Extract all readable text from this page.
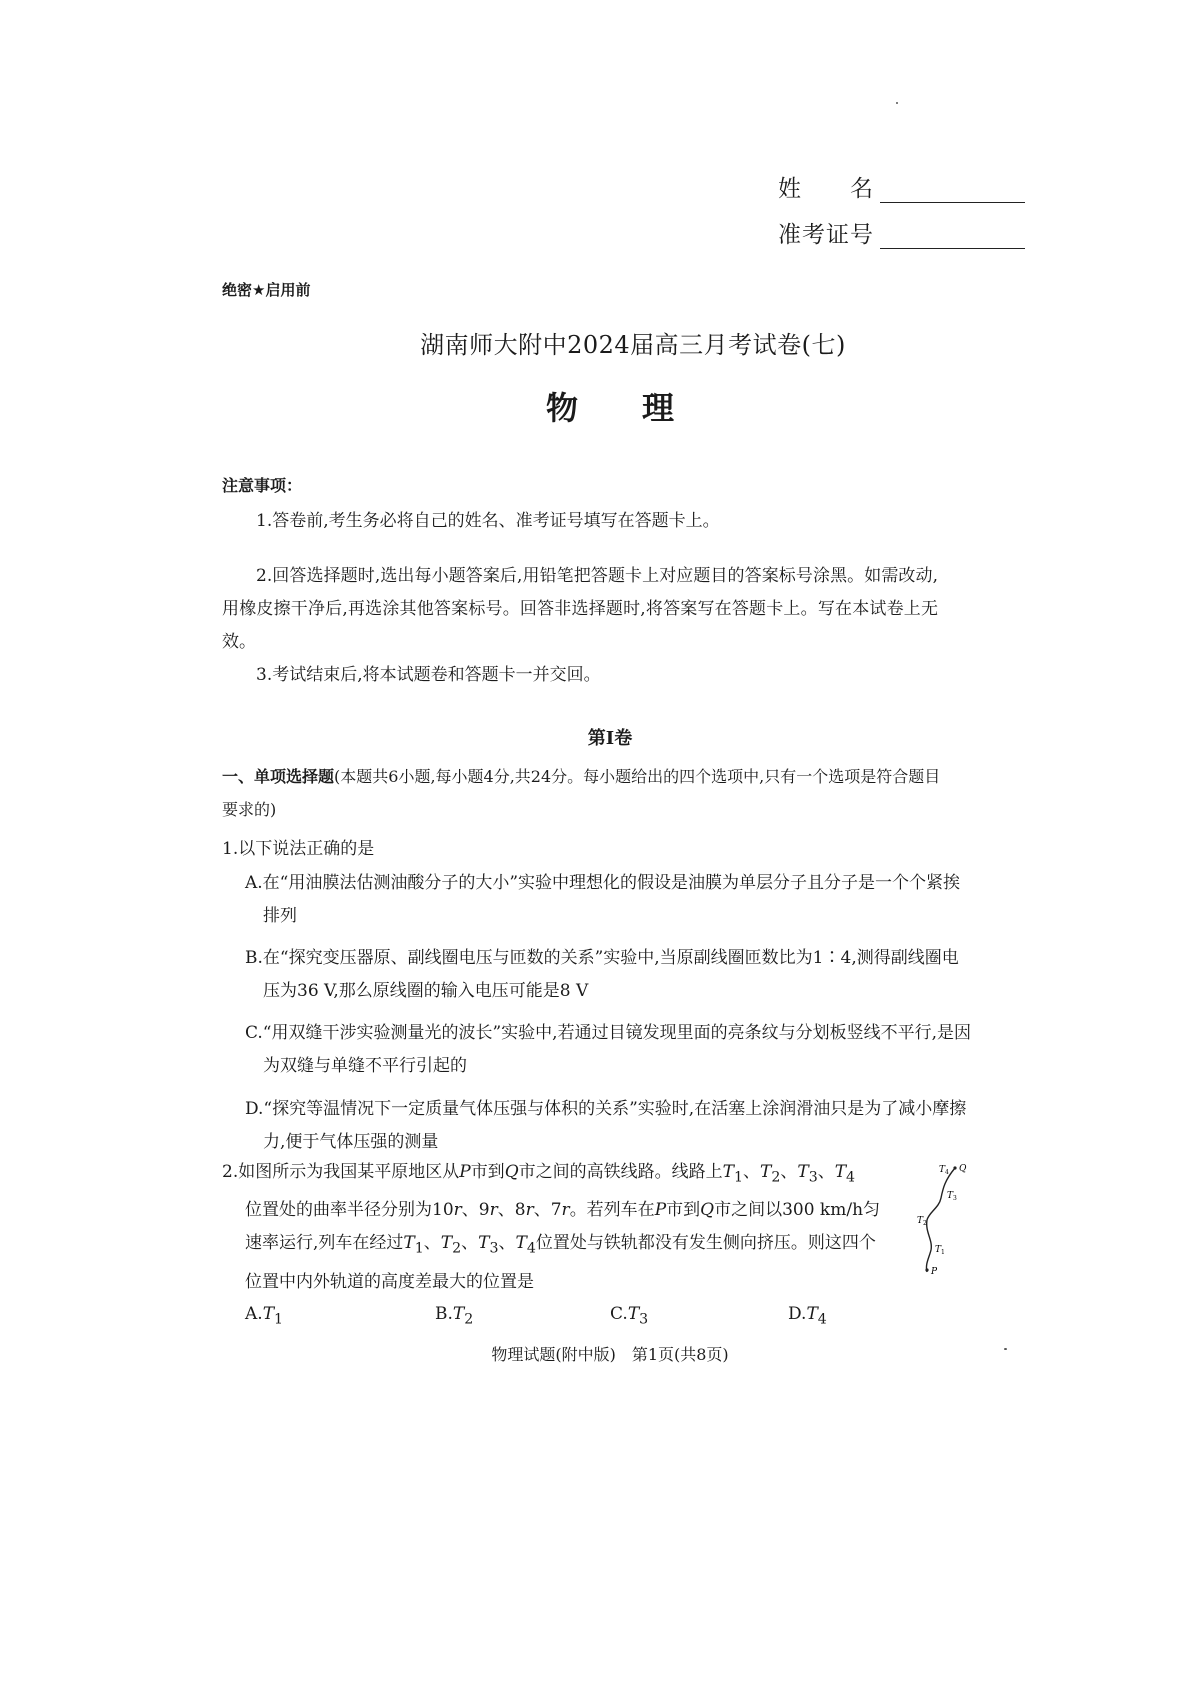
姓　　名
准考证号
绝密★启用前
湖南师大附中2024届高三月考试卷(七)
物　　理
注意事项：
1.答卷前,考生务必将自己的姓名、准考证号填写在答题卡上。
2.回答选择题时,选出每小题答案后,用铅笔把答题卡上对应题目的答案标号涂黑。如需改动,用橡皮擦干净后,再选涂其他答案标号。回答非选择题时,将答案写在答题卡上。写在本试卷上无效。
3.考试结束后,将本试题卷和答题卡一并交回。
第Ⅰ卷
一、单项选择题(本题共6小题,每小题4分,共24分。每小题给出的四个选项中,只有一个选项是符合题目要求的)
1.以下说法正确的是
A.在“用油膜法估测油酸分子的大小”实验中理想化的假设是油膜为单层分子且分子是一个个紧挨排列
B.在“探究变压器原、副线圈电压与匝数的关系”实验中,当原副线圈匝数比为1∶4,测得副线圈电压为36 V,那么原线圈的输入电压可能是8 V
C.“用双缝干涉实验测量光的波长”实验中,若通过目镜发现里面的亮条纹与分划板竖线不平行,是因为双缝与单缝不平行引起的
D.“探究等温情况下一定质量气体压强与体积的关系”实验时,在活塞上涂润滑油只是为了减小摩擦力,便于气体压强的测量
2.如图所示为我国某平原地区从P市到Q市之间的高铁线路。线路上$T_1$、$T_2$、$T_3$、$T_4$
位置处的曲率半径分别为10r、9r、8r、7r。若列车在P市到Q市之间以300 km/h匀
速率运行,列车在经过$T_1$、$T_2$、$T_3$、$T_4$位置处与铁轨都没有发生侧向挤压。则这四个
位置中内外轨道的高度差最大的位置是
T 4 Q
T 3
T 2
T 1
P
$A.T_1$	$B.T_2$	$C.T_3$	$D.T_4$
物理试题(附中版)　第1页(共8页)
